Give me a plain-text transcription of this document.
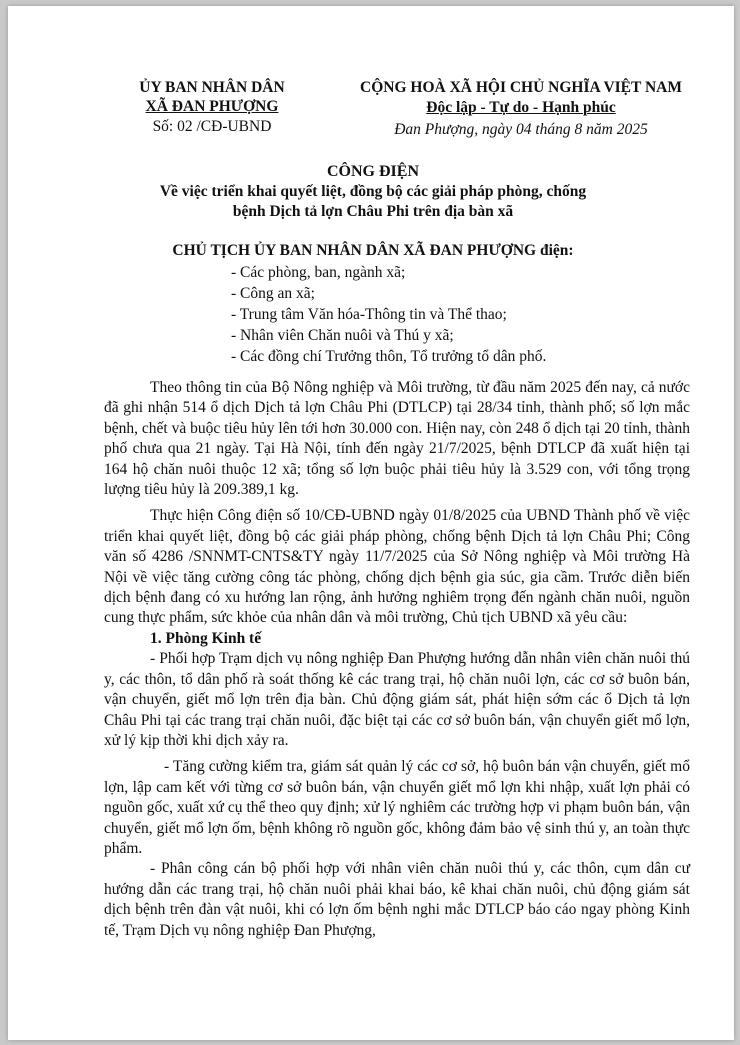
ỦY BAN NHÂN DÂN
XÃ ĐAN PHƯỢNG
Số: 02 /CĐ-UBND
CỘNG HOÀ XÃ HỘI CHỦ NGHĨA VIỆT NAM
Độc lập - Tự do - Hạnh phúc
Đan Phượng, ngày 04 tháng 8 năm 2025
CÔNG ĐIỆN
Về việc triển khai quyết liệt, đồng bộ các giải pháp phòng, chống
bệnh Dịch tả lợn Châu Phi trên địa bàn xã
CHỦ TỊCH ỦY BAN NHÂN DÂN XÃ ĐAN PHƯỢNG điện:
- Các phòng, ban, ngành xã;
- Công an xã;
- Trung tâm Văn hóa-Thông tin và Thể thao;
- Nhân viên Chăn nuôi và Thú y xã;
- Các đồng chí Trưởng thôn, Tổ trưởng tổ dân phố.

Theo thông tin của Bộ Nông nghiệp và Môi trường, từ đầu năm 2025 đến nay, cả nước đã ghi nhận 514 ổ dịch Dịch tả lợn Châu Phi (DTLCP) tại 28/34 tỉnh, thành phố; số lợn mắc bệnh, chết và buộc tiêu hủy lên tới hơn 30.000 con. Hiện nay, còn 248 ổ dịch tại 20 tỉnh, thành phố chưa qua 21 ngày. Tại Hà Nội, tính đến ngày 21/7/2025, bệnh DTLCP đã xuất hiện tại 164 hộ chăn nuôi thuộc 12 xã; tổng số lợn buộc phải tiêu hủy là 3.529 con, với tổng trọng lượng tiêu hủy là 209.389,1 kg.

Thực hiện Công điện số 10/CĐ-UBND ngày 01/8/2025 của UBND Thành phố về việc triển khai quyết liệt, đồng bộ các giải pháp phòng, chống bệnh Dịch tả lợn Châu Phi; Công văn số 4286 /SNNMT-CNTS&TY ngày 11/7/2025 của Sở Nông nghiệp và Môi trường Hà Nội về việc tăng cường công tác phòng, chống dịch bệnh gia súc, gia cầm. Trước diễn biến dịch bệnh đang có xu hướng lan rộng, ảnh hưởng nghiêm trọng đến ngành chăn nuôi, nguồn cung thực phẩm, sức khỏe của nhân dân và môi trường, Chủ tịch UBND xã yêu cầu:

1. Phòng Kinh tế

- Phối hợp Trạm dịch vụ nông nghiệp Đan Phượng hướng dẫn nhân viên chăn nuôi thú y, các thôn, tổ dân phố rà soát thống kê các trang trại, hộ chăn nuôi lợn, các cơ sở buôn bán, vận chuyển, giết mổ lợn trên địa bàn. Chủ động giám sát, phát hiện sớm các ổ Dịch tả lợn Châu Phi tại các trang trại chăn nuôi, đặc biệt tại các cơ sở buôn bán, vận chuyển giết mổ lợn, xử lý kịp thời khi dịch xảy ra.

- Tăng cường kiểm tra, giám sát quản lý các cơ sở, hộ buôn bán vận chuyển, giết mổ lợn, lập cam kết với từng cơ sở buôn bán, vận chuyển giết mổ lợn khi nhập, xuất lợn phải có nguồn gốc, xuất xứ cụ thể theo quy định; xử lý nghiêm các trường hợp vi phạm buôn bán, vận chuyển, giết mổ lợn ốm, bệnh không rõ nguồn gốc, không đảm bảo vệ sinh thú y, an toàn thực phẩm.

- Phân công cán bộ phối hợp với nhân viên chăn nuôi thú y, các thôn, cụm dân cư hướng dẫn các trang trại, hộ chăn nuôi phải khai báo, kê khai chăn nuôi, chủ động giám sát dịch bệnh trên đàn vật nuôi, khi có lợn ốm bệnh nghi mắc DTLCP báo cáo ngay phòng Kinh tế, Trạm Dịch vụ nông nghiệp Đan Phượng,
